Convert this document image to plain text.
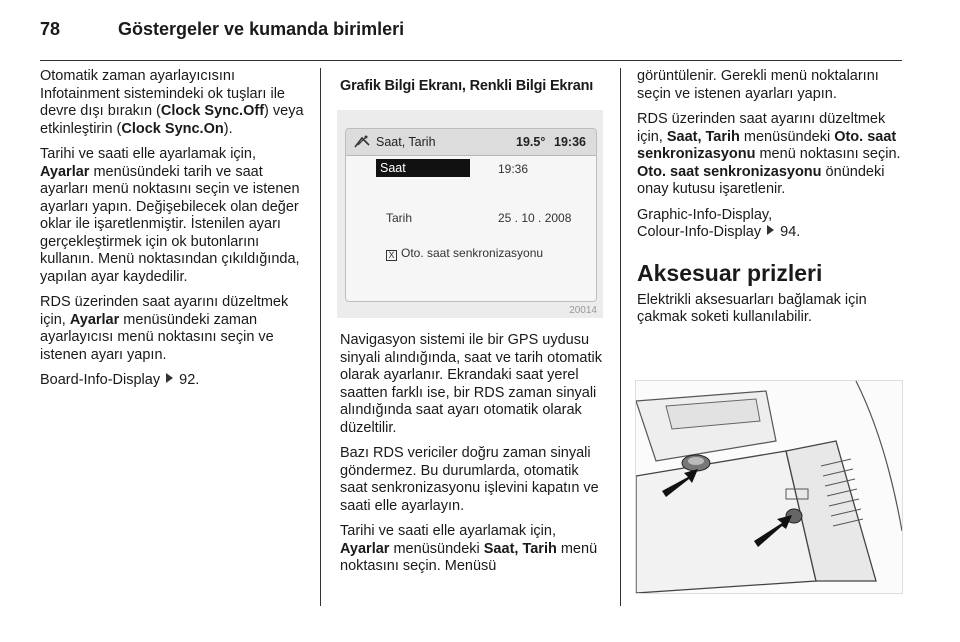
78	Göstergeler ve kumanda birimleri

Otomatik zaman ayarlayıcısını Infotainment sistemindeki ok tuşları ile devre dışı bırakın (Clock Sync.Off) veya etkinleştirin (Clock Sync.On).

Tarihi ve saati elle ayarlamak için, Ayarlar menüsündeki tarih ve saat ayarları menü noktasını seçin ve istenen ayarları yapın. Değişebilecek olan değer oklar ile işaretlenmiştir. İstenilen ayarı gerçekleştirmek için ok butonlarını kullanın. Menü noktasından çıkıldığında, yapılan ayar kaydedilir.

RDS üzerinden saat ayarını düzeltmek için, Ayarlar menüsündeki zaman ayarlayıcısı menü noktasını seçin ve istenen ayarı yapın.

Board-Info-Display 92.

Grafik Bilgi Ekranı, Renkli Bilgi Ekranı
Saat, Tarih	19.5° 19:36
Saat	19:36
Tarih	25 . 10 . 2008
X Oto. saat senkronizasyonu
20014

Navigasyon sistemi ile bir GPS uydusu sinyali alındığında, saat ve tarih otomatik olarak ayarlanır. Ekrandaki saat yerel saatten farklı ise, bir RDS zaman sinyali alındığında saat ayarı otomatik olarak düzeltilir.

Bazı RDS vericiler doğru zaman sinyali göndermez. Bu durumlarda, otomatik saat senkronizasyonu işlevini kapatın ve saati elle ayarlayın.

Tarihi ve saati elle ayarlamak için, Ayarlar menüsündeki Saat, Tarih menü noktasını seçin. Menüsü

görüntülenir. Gerekli menü noktalarını seçin ve istenen ayarları yapın.

RDS üzerinden saat ayarını düzeltmek için, Saat, Tarih menüsündeki Oto. saat senkronizasyonu menü noktasını seçin. Oto. saat senkronizasyonu önündeki onay kutusu işaretlenir.

Graphic-Info-Display,
Colour-Info-Display 94.

Aksesuar prizleri

Elektrikli aksesuarları bağlamak için çakmak soketi kullanılabilir.
